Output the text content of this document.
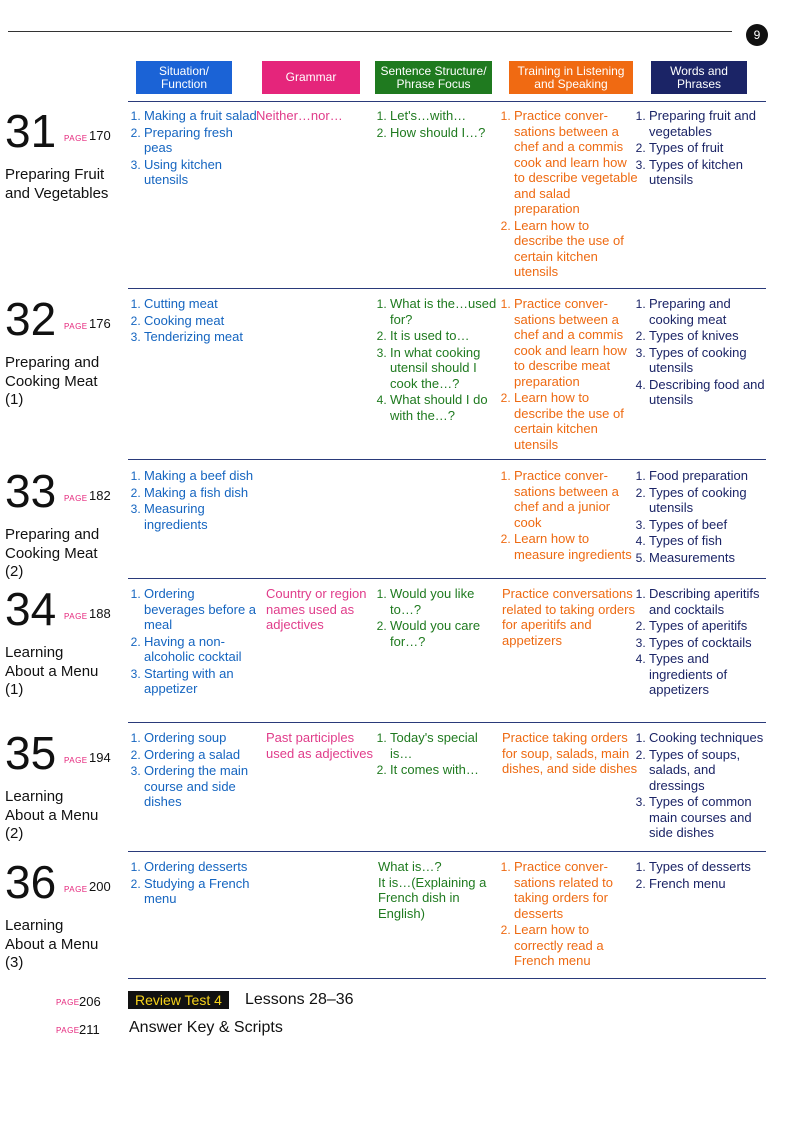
9
Situation/
Function	Grammar	Sentence Structure/
Phrase Focus
Training in Listening
and Speaking
Words and
Phrases
31 PAGE 170
Preparing Fruit
and Vegetables
1. Making a fruit salad
2. Preparing fresh peas
3. Using kitchen utensils

Neither…nor…

1.	Let's…with…
2. How should I…?
1. Practice conver-sations between a chef and a commis cook and learn how to describe vegetable and salad preparation
2. Learn how to describe the use of certain kitchen utensils
1. Preparing fruit and vegetables
2. Types of fruit
3. Types of kitchen utensils
32 PAGE 176
Preparing and
Cooking Meat
(1)
1. Cutting meat
2. Cooking meat
3. Tenderizing meat
1. What is the…used for?
2. It is used to…
3. In what cooking utensil should I cook the…?
4. What should I do with the…?
1. Practice conver-sations between a chef and a commis cook and learn how to describe meat preparation
2. Learn how to describe the use of certain kitchen utensils
1. Preparing and cooking meat
2. Types of knives
3. Types of cooking utensils
4. Describing food and utensils
33 PAGE 182
Preparing and
Cooking Meat
(2)
1. Making a beef dish
2. Making a fish dish
3. Measuring ingredients
1. Practice conver-sations between a chef and a junior cook
2. Learn how to measure ingredients
1. Food preparation
2. Types of cooking utensils
3. Types of beef
4. Types of fish
5. Measurements
34 PAGE 188
Learning
About a Menu
(1)
1. Ordering beverages before a meal
2. Having a non-alcoholic cocktail
3. Starting with an appetizer

Country or region names used as adjectives

1. Would you like to…?
2. Would you care for…?

Practice conversations related to taking orders for aperitifs and appetizers

1. Describing aperitifs and cocktails
2. Types of aperitifs
3. Types of cocktails
4. Types and ingredients of appetizers
35 PAGE 194
Learning
About a Menu
(2)
1. Ordering soup
2. Ordering a salad
3. Ordering the main course and side dishes

Past participles used as adjectives

1. Today's special is…
2. It comes with…

Practice taking orders for soup, salads, main dishes, and side dishes

1. Cooking techniques
2. Types of soups, salads, and dressings
3. Types of common main courses and side dishes
36 PAGE 200
Learning
About a Menu
(3)
1. Ordering desserts
2. Studying a French menu

What is…?
It is…(Explaining a French dish in English)

1. Practice conver-sations related to taking orders for desserts
2. Learn how to correctly read a French menu
1. Types of desserts
2. French menu
PAGE 206	Review Test 4	Lessons 28–36
PAGE 211 Answer Key & Scripts
